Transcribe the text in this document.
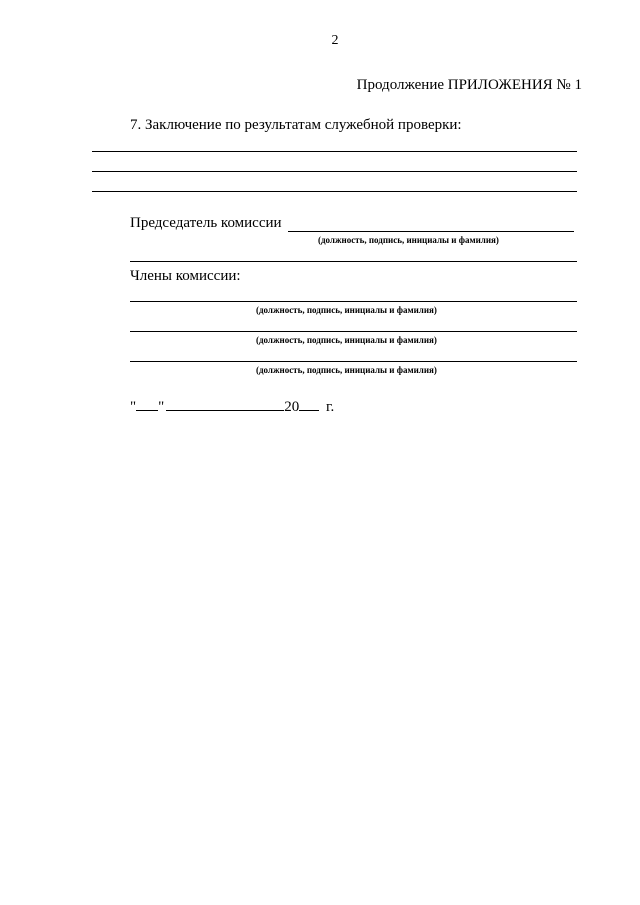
2
Продолжение ПРИЛОЖЕНИЯ № 1
7. Заключение по результатам служебной проверки:
Председатель комиссии
(должность, подпись, инициалы и фамилия)
Члены комиссии:
(должность, подпись, инициалы и фамилия)
(должность, подпись, инициалы и фамилия)
(должность, подпись, инициалы и фамилия)
" "	20 г.
